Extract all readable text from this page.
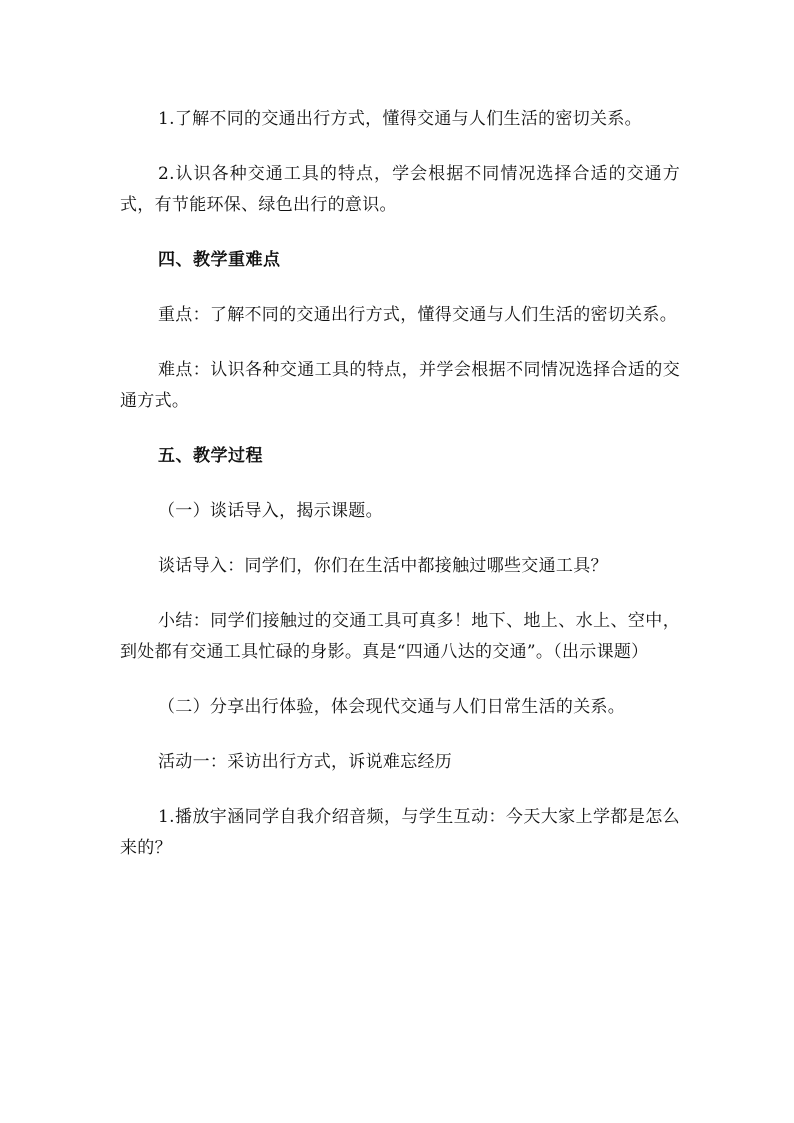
1.了解不同的交通出行方式，懂得交通与人们生活的密切关系。

2.认识各种交通工具的特点，学会根据不同情况选择合适的交通方式，有节能环保、绿色出行的意识。

四、教学重难点

重点：了解不同的交通出行方式，懂得交通与人们生活的密切关系。

难点：认识各种交通工具的特点，并学会根据不同情况选择合适的交通方式。

五、教学过程

（一）谈话导入，揭示课题。

谈话导入：同学们，你们在生活中都接触过哪些交通工具？

小结：同学们接触过的交通工具可真多！地下、地上、水上、空中，到处都有交通工具忙碌的身影。真是“四通八达的交通”。（出示课题）

（二）分享出行体验，体会现代交通与人们日常生活的关系。

活动一：采访出行方式，诉说难忘经历

1.播放宇涵同学自我介绍音频，与学生互动：今天大家上学都是怎么来的？
